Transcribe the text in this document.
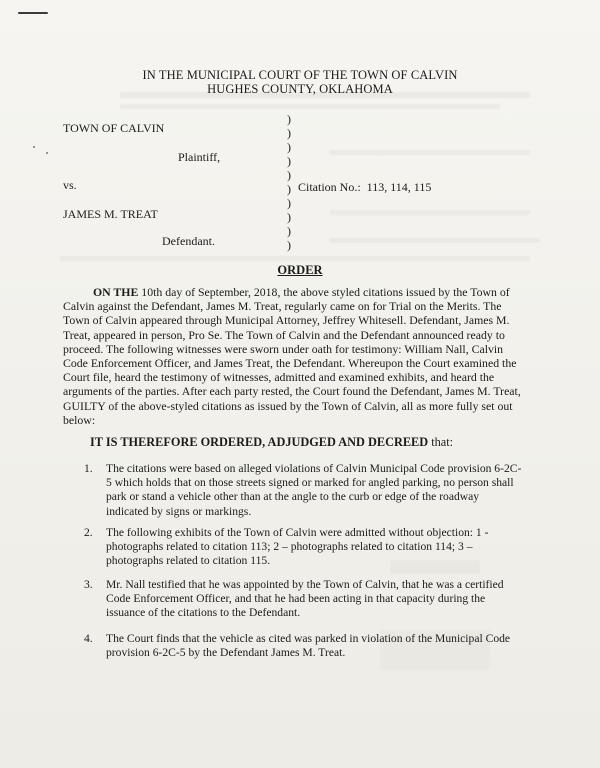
IN THE MUNICIPAL COURT OF THE TOWN OF CALVIN
HUGHES COUNTY, OKLAHOMA
TOWN OF CALVIN
Plaintiff,
vs.
JAMES M. TREAT
Defendant.
Citation No.: 113, 114, 115
)
)
)
)
)
)
)
)
)
)
ORDER
ON THE 10th day of September, 2018, the above styled citations issued by the Town of Calvin against the Defendant, James M. Treat, regularly came on for Trial on the Merits. The Town of Calvin appeared through Municipal Attorney, Jeffrey Whitesell. Defendant, James M. Treat, appeared in person, Pro Se. The Town of Calvin and the Defendant announced ready to proceed. The following witnesses were sworn under oath for testimony: William Nall, Calvin Code Enforcement Officer, and James Treat, the Defendant. Whereupon the Court examined the Court file, heard the testimony of witnesses, admitted and examined exhibits, and heard the arguments of the parties. After each party rested, the Court found the Defendant, James M. Treat, GUILTY of the above-styled citations as issued by the Town of Calvin, all as more fully set out below:
IT IS THEREFORE ORDERED, ADJUDGED AND DECREED that:
1. The citations were based on alleged violations of Calvin Municipal Code provision 6-2C-5 which holds that on those streets signed or marked for angled parking, no person shall park or stand a vehicle other than at the angle to the curb or edge of the roadway indicated by signs or markings.
2. The following exhibits of the Town of Calvin were admitted without objection: 1 - photographs related to citation 113; 2 – photographs related to citation 114; 3 – photographs related to citation 115.
3. Mr. Nall testified that he was appointed by the Town of Calvin, that he was a certified Code Enforcement Officer, and that he had been acting in that capacity during the issuance of the citations to the Defendant.
4. The Court finds that the vehicle as cited was parked in violation of the Municipal Code provision 6-2C-5 by the Defendant James M. Treat.
